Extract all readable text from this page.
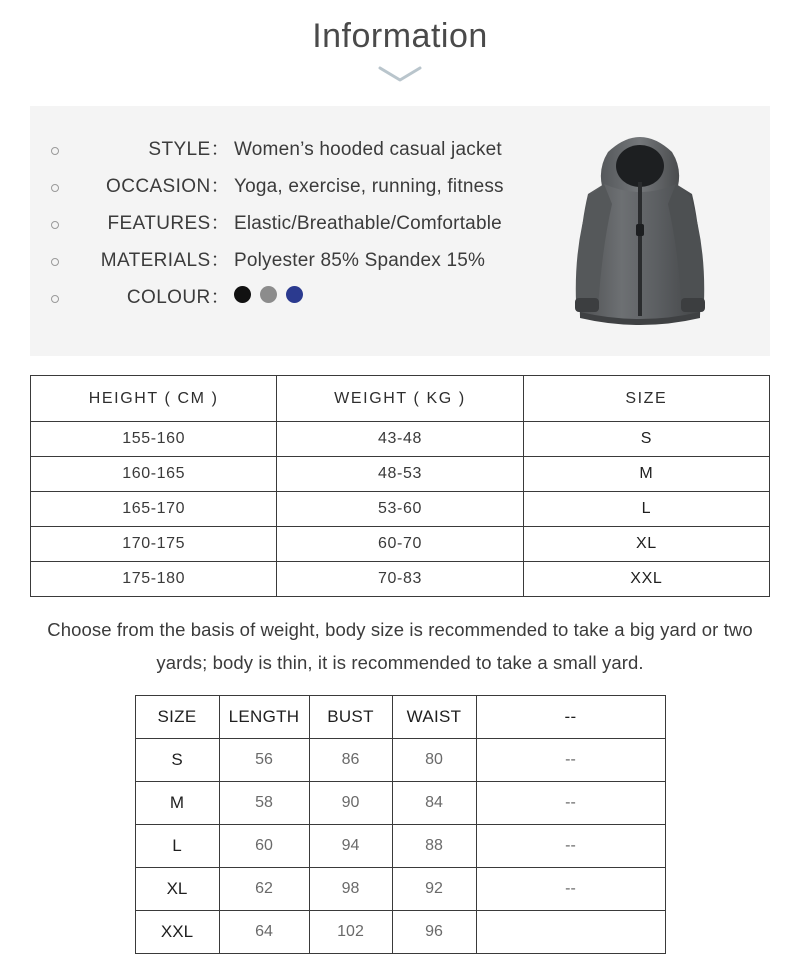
Information
STYLE： Women’s hooded casual jacket
OCCASION： Yoga, exercise, running, fitness
FEATURES： Elastic/Breathable/Comfortable
MATERIALS： Polyester 85% Spandex 15%
COLOUR：
HEIGHT ( CM )	WEIGHT ( KG )	SIZE
155-160	43-48	S
160-165	48-53	M
165-170	53-60	L
170-175	60-70	XL
175-180	70-83	XXL

Choose from the basis of weight, body size is recommended to take a big yard or two yards; body is thin, it is recommended to take a small yard.

SIZE	LENGTH	BUST	WAIST	--
S	56	86	80	--
M	58	90	84	--
L	60	94	88	--
XL	62	98	92	--
XXL	64	102	96	
